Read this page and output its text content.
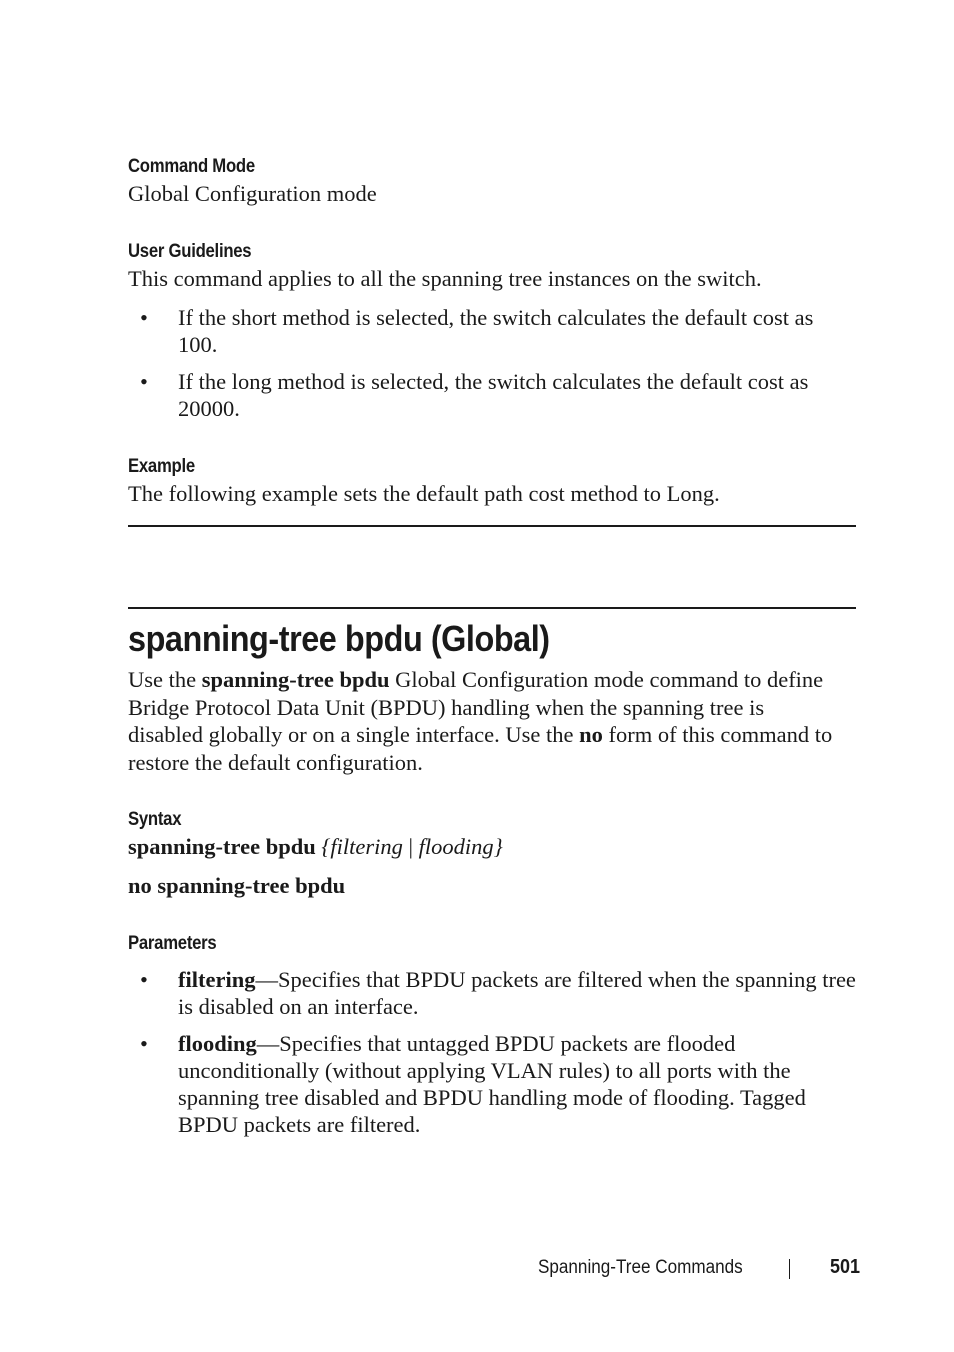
Command Mode
Global Configuration mode
User Guidelines
This command applies to all the spanning tree instances on the switch.
• If the short method is selected, the switch calculates the default cost as
100.
• If the long method is selected, the switch calculates the default cost as
20000.
Example
The following example sets the default path cost method to Long.
spanning-tree bpdu (Global)
Use the spanning-tree bpdu Global Configuration mode command to define
Bridge Protocol Data Unit (BPDU) handling when the spanning tree is
disabled globally or on a single interface. Use the no form of this command to
restore the default configuration.
Syntax
spanning-tree bpdu {filtering | flooding}
no spanning-tree bpdu
Parameters
• filtering—Specifies that BPDU packets are filtered when the spanning tree
is disabled on an interface.
• flooding—Specifies that untagged BPDU packets are flooded
unconditionally (without applying VLAN rules) to all ports with the
spanning tree disabled and BPDU handling mode of flooding. Tagged
BPDU packets are filtered.
Spanning-Tree Commands	501
